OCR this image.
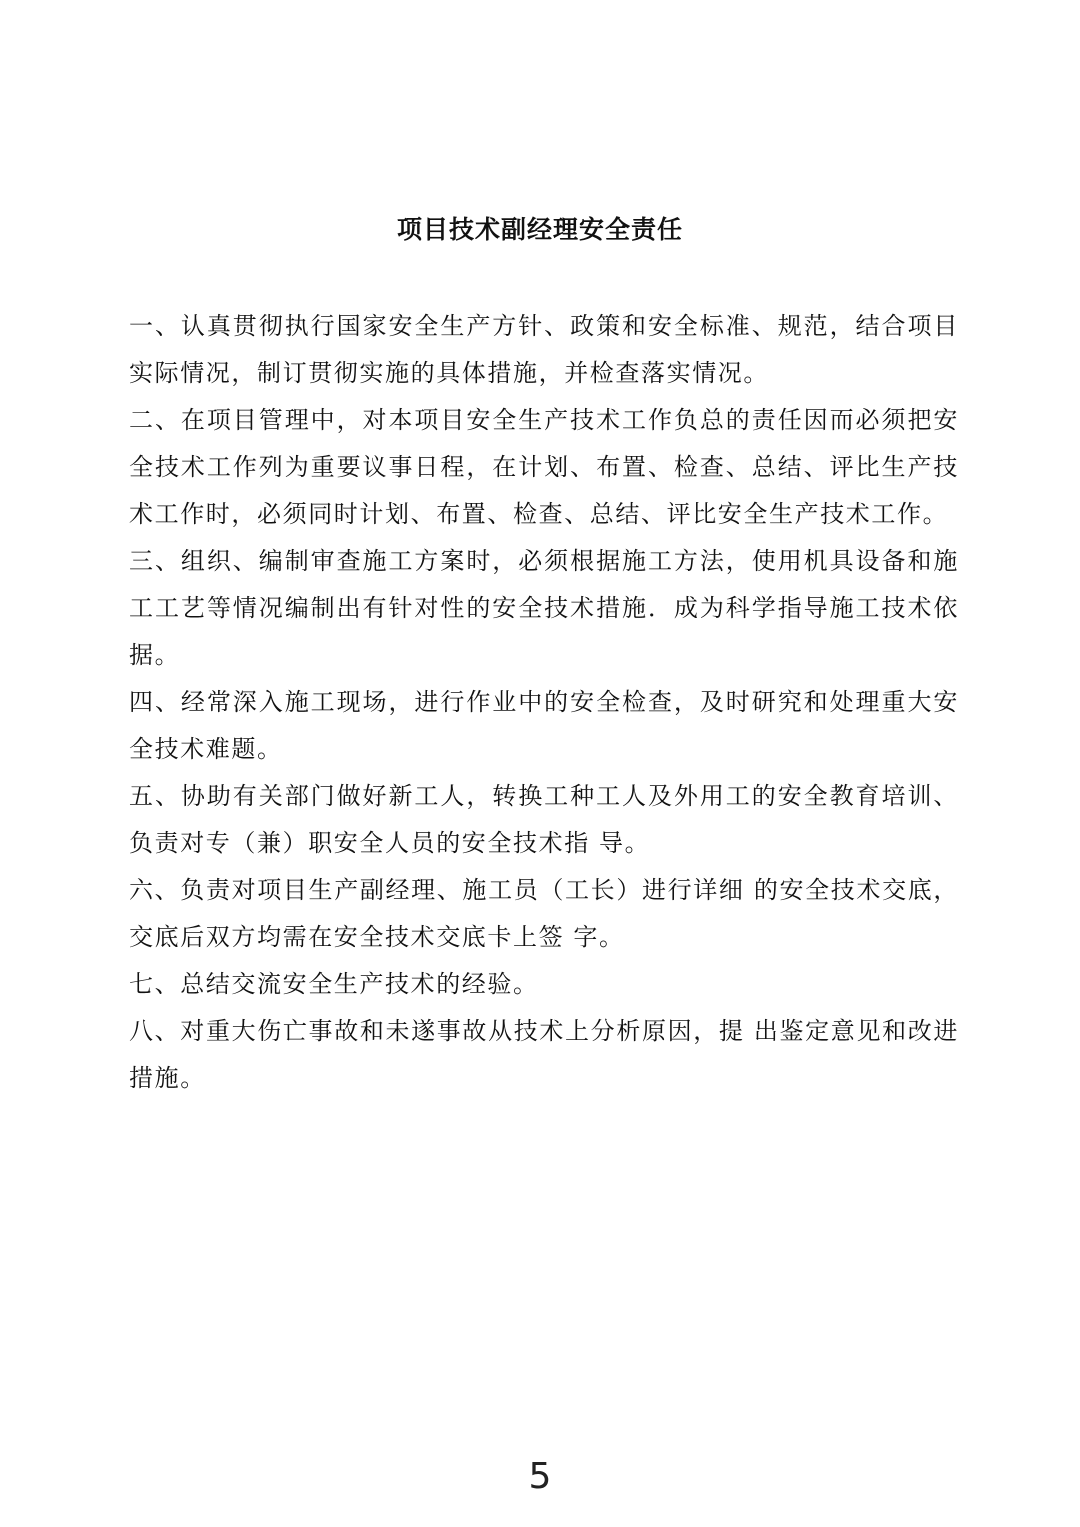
项目技术副经理安全责任

一、认真贯彻执行国家安全生产方针、政策和安全标准、规范，结合项目实际情况，制订贯彻实施的具体措施，并检查落实情况。

二、在项目管理中，对本项目安全生产技术工作负总的责任因而必须把安全技术工作列为重要议事日程，在计划、布置、检查、总结、评比生产技术工作时，必须同时计划、布置、检查、总结、评比安全生产技术工作。

三、组织、编制审查施工方案时，必须根据施工方法，使用机具设备和施工工艺等情况编制出有针对性的安全技术措施．成为科学指导施工技术依据。

四、经常深入施工现场，进行作业中的安全检查，及时研究和处理重大安全技术难题。

五、协助有关部门做好新工人，转换工种工人及外用工的安全教育培训、负责对专（兼）职安全人员的安全技术指 导。

六、负责对项目生产副经理、施工员（工长）进行详细 的安全技术交底，交底后双方均需在安全技术交底卡上签 字。

七、总结交流安全生产技术的经验。

八、对重大伤亡事故和未遂事故从技术上分析原因，提 出鉴定意见和改进措施。

5
